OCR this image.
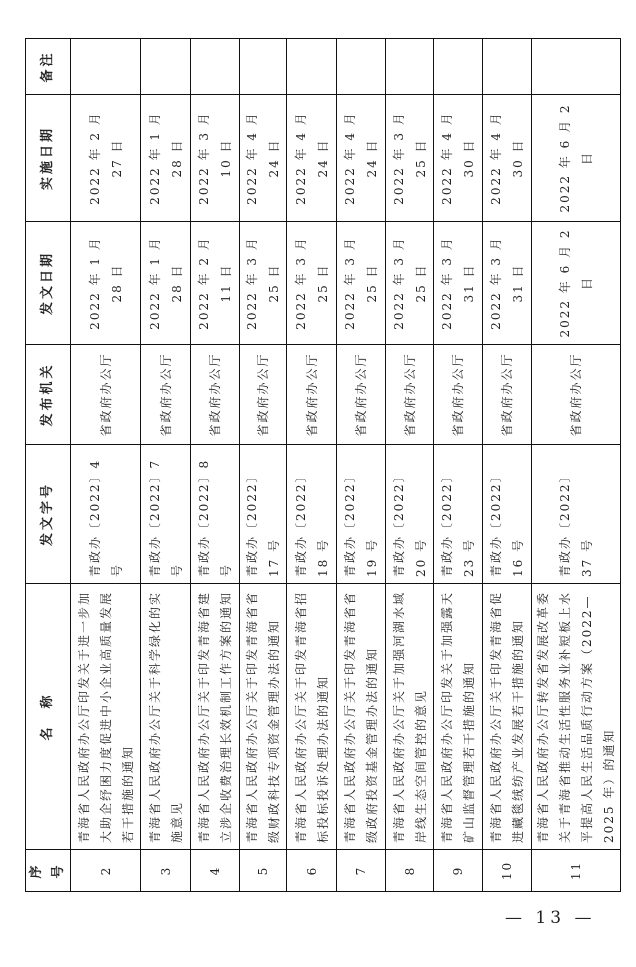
序号	名　称	发文字号	发布机关	发文日期	实施日期	备注
2	青海省人民政府办公厅印发关于进一步加大助企纾困力度促进中小企业高质量发展若干措施的通知	青政办〔2022〕4 号	省政府办公厅	2022 年 1 月 28 日	2022 年 2 月 27 日	
3	青海省人民政府办公厅关于科学绿化的实施意见	青政办〔2022〕7 号	省政府办公厅	2022 年 1 月 28 日	2022 年 1 月 28 日	
4	青海省人民政府办公厅关于印发青海省建立涉企收费治理长效机制工作方案的通知	青政办〔2022〕8 号	省政府办公厅	2022 年 2 月 11 日	2022 年 3 月 10 日	
5	青海省人民政府办公厅关于印发青海省省级财政科技专项资金管理办法的通知	青政办〔2022〕17 号	省政府办公厅	2022 年 3 月 25 日	2022 年 4 月 24 日	
6	青海省人民政府办公厅关于印发青海省招标投标投诉处理办法的通知	青政办〔2022〕18 号	省政府办公厅	2022 年 3 月 25 日	2022 年 4 月 24 日	
7	青海省人民政府办公厅关于印发青海省省级政府投资基金管理办法的通知	青政办〔2022〕19 号	省政府办公厅	2022 年 3 月 25 日	2022 年 4 月 24 日	
8	青海省人民政府办公厅关于加强河湖水域岸线生态空间管控的意见	青政办〔2022〕20 号	省政府办公厅	2022 年 3 月 25 日	2022 年 3 月 25 日	
9	青海省人民政府办公厅印发关于加强露天矿山监督管理若干措施的通知	青政办〔2022〕23 号	省政府办公厅	2022 年 3 月 31 日	2022 年 4 月 30 日	
10	青海省人民政府办公厅关于印发青海省促进藏毯绒纺产业发展若干措施的通知	青政办〔2022〕16 号	省政府办公厅	2022 年 3 月 31 日	2022 年 4 月 30 日	
11	青海省人民政府办公厅转发省发展改革委关于青海省推动生活性服务业补短板上水平提高人民生活品质行动方案（2022—2025 年）的通知	青政办〔2022〕37 号	省政府办公厅	2022 年 6 月 2 日	2022 年 6 月 2 日	
— 13 —
